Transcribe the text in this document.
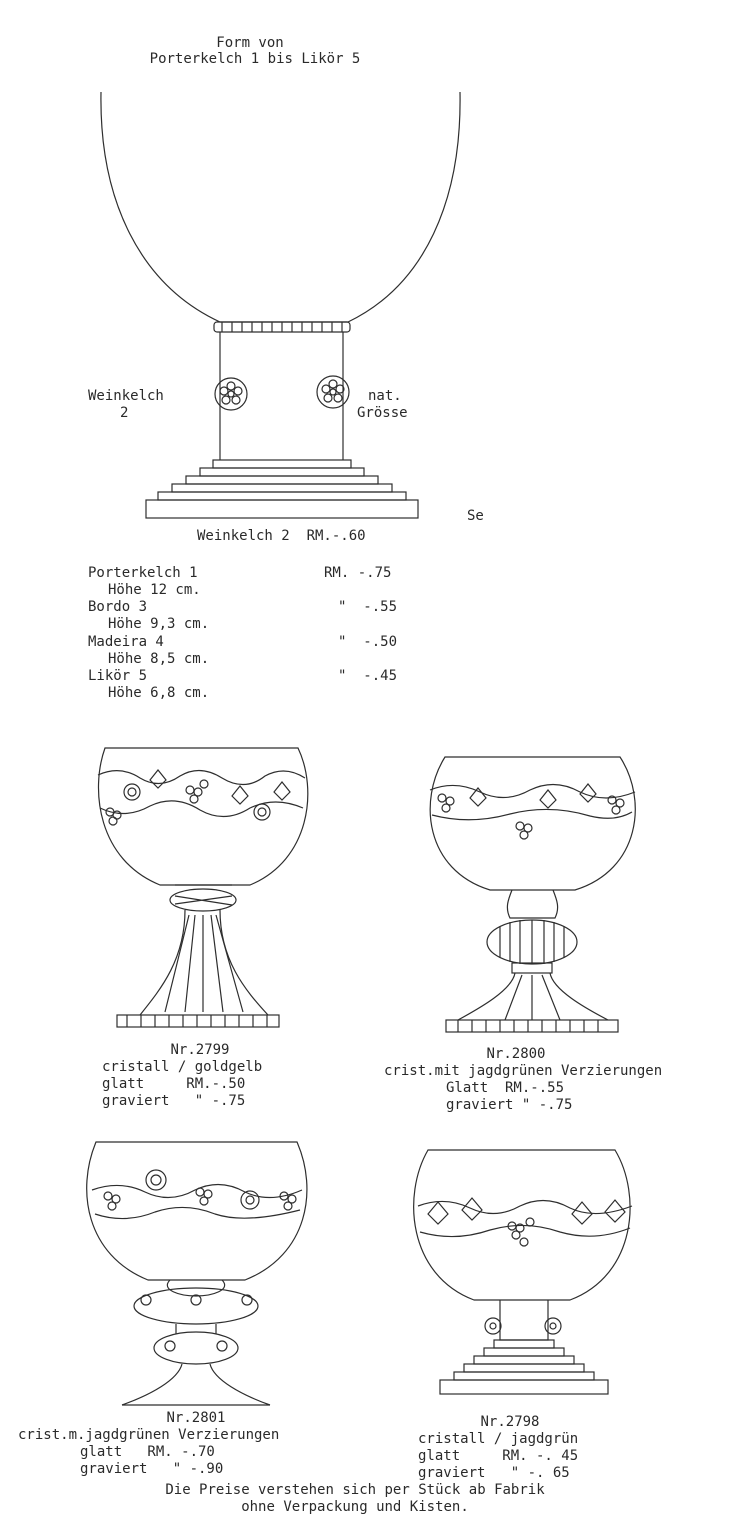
Form von
Porterkelch 1 bis Likör 5
Weinkelch
2
nat.
Grösse
Se
Weinkelch 2  RM.-.60
Porterkelch 1	RM. -.75
Höhe 12 cm.
Bordo 3	"  -.55
Höhe 9,3 cm.
Madeira 4	"  -.50
Höhe 8,5 cm.
Likör 5	"  -.45
Höhe 6,8 cm.
Nr.2799
cristall / goldgelb
glatt     RM.-.50
graviert   " -.75
Nr.2800
crist.mit jagdgrünen Verzierungen
Glatt  RM.-.55
graviert " -.75
Nr.2801
crist.m.jagdgrünen Verzierungen
glatt   RM. -.70
graviert   " -.90
Nr.2798
cristall / jagdgrün
glatt     RM. -. 45
graviert   " -. 65
Die Preise verstehen sich per Stück ab Fabrik
ohne Verpackung und Kisten.
